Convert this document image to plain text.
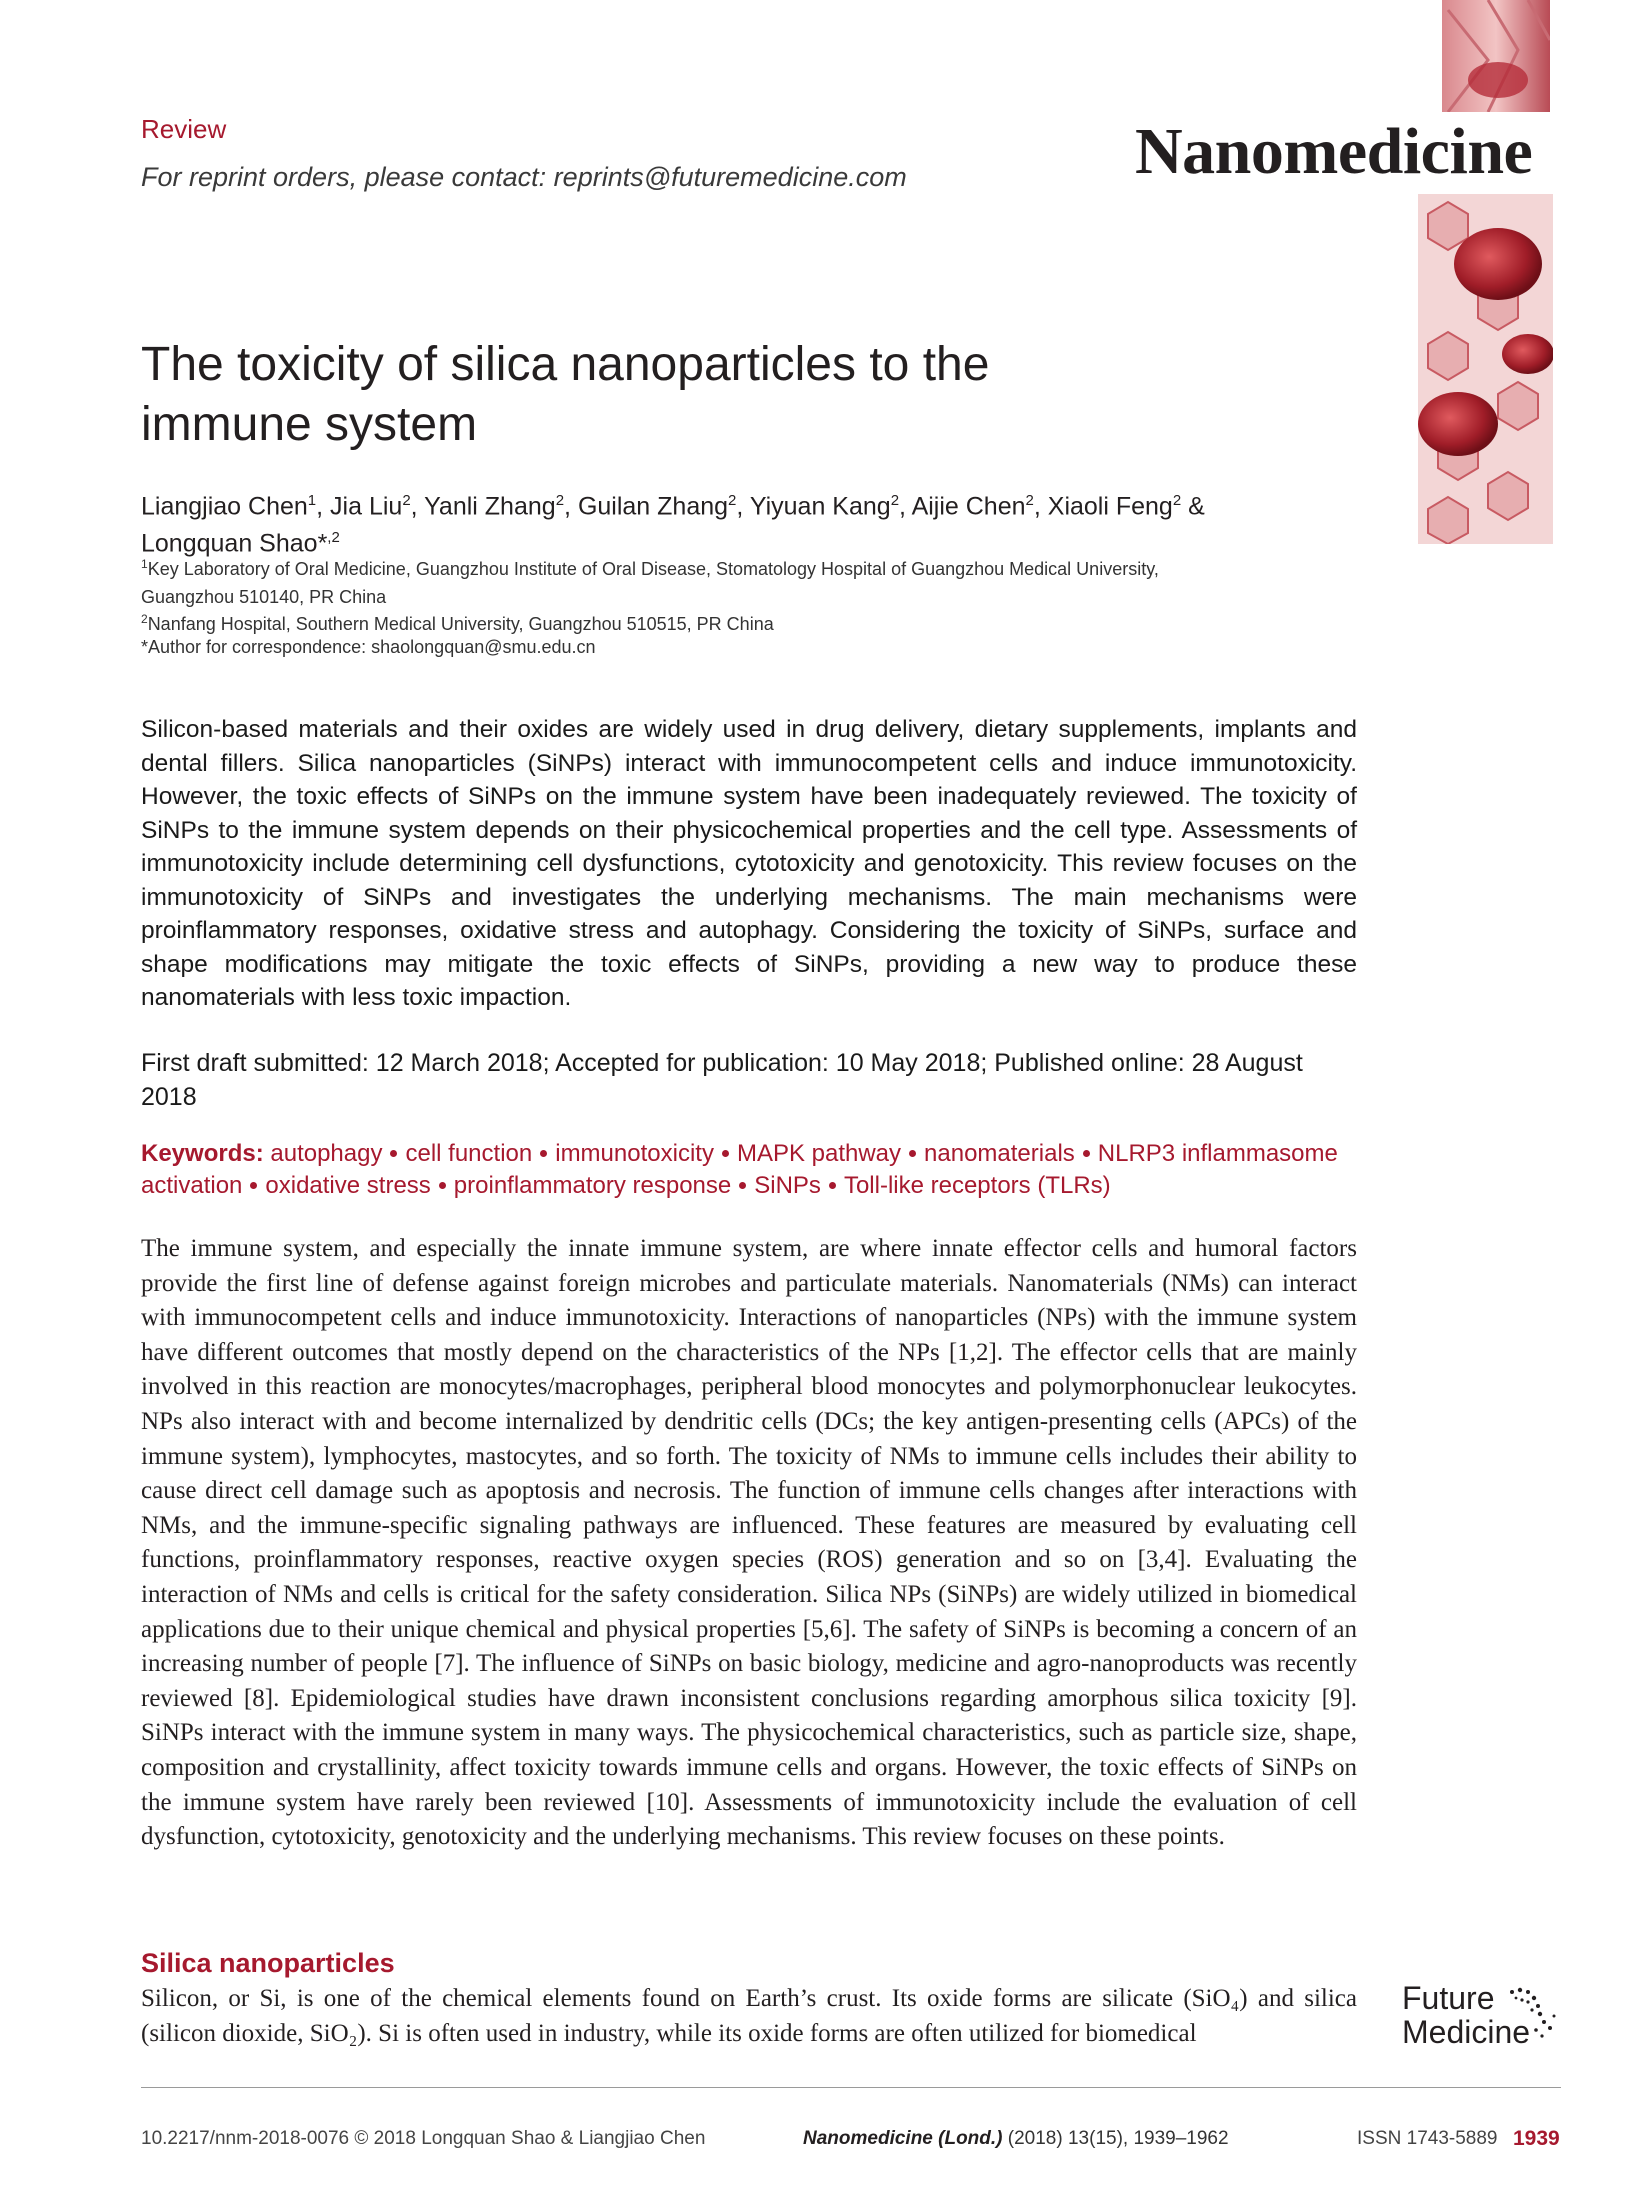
Review
For reprint orders, please contact: reprints@futuremedicine.com	Nanomedicine
The toxicity of silica nanoparticles to the immune system
Liangjiao Chen$^1$, Jia Liu$^2$, Yanli Zhang$^2$, Guilan Zhang$^2$, Yiyuan Kang$^2$, Aijie Chen$^2$, Xiaoli Feng$^2$ & Longquan Shao*$^{,2}$
$^1$Key Laboratory of Oral Medicine, Guangzhou Institute of Oral Disease, Stomatology Hospital of Guangzhou Medical University, Guangzhou 510140, PR China
$^2$Nanfang Hospital, Southern Medical University, Guangzhou 510515, PR China
*Author for correspondence: shaolongquan@smu.edu.cn
Silicon-based materials and their oxides are widely used in drug delivery, dietary supplements, implants and dental fillers. Silica nanoparticles (SiNPs) interact with immunocompetent cells and induce immunotoxicity. However, the toxic effects of SiNPs on the immune system have been inadequately reviewed. The toxicity of SiNPs to the immune system depends on their physicochemical properties and the cell type. Assessments of immunotoxicity include determining cell dysfunctions, cytotoxicity and genotoxicity. This review focuses on the immunotoxicity of SiNPs and investigates the underlying mechanisms. The main mechanisms were proinflammatory responses, oxidative stress and autophagy. Considering the toxicity of SiNPs, surface and shape modifications may mitigate the toxic effects of SiNPs, providing a new way to produce these nanomaterials with less toxic impaction.
First draft submitted: 12 March 2018; Accepted for publication: 10 May 2018; Published online: 28 August 2018
Keywords: autophagy cell function immunotoxicity MAPK pathway nanomaterials NLRP3 inflammasome activation oxidative stress proinflammatory response SiNPs Toll-like receptors (TLRs)
The immune system, and especially the innate immune system, are where innate effector cells and humoral factors provide the first line of defense against foreign microbes and particulate materials. Nanomaterials (NMs) can interact with immunocompetent cells and induce immunotoxicity. Interactions of nanoparticles (NPs) with the immune system have different outcomes that mostly depend on the characteristics of the NPs [1,2]. The effector cells that are mainly involved in this reaction are monocytes/macrophages, peripheral blood monocytes and polymorphonuclear leukocytes. NPs also interact with and become internalized by dendritic cells (DCs; the key antigen-presenting cells (APCs) of the immune system), lymphocytes, mastocytes, and so forth. The toxicity of NMs to immune cells includes their ability to cause direct cell damage such as apoptosis and necrosis. The function of immune cells changes after interactions with NMs, and the immune-specific signaling pathways are influenced. These features are measured by evaluating cell functions, proinflammatory responses, reactive oxygen species (ROS) generation and so on [3,4]. Evaluating the interaction of NMs and cells is critical for the safety consideration. Silica NPs (SiNPs) are widely utilized in biomedical applications due to their unique chemical and physical properties [5,6]. The safety of SiNPs is becoming a concern of an increasing number of people [7]. The influence of SiNPs on basic biology, medicine and agro-nanoproducts was recently reviewed [8]. Epidemiological studies have drawn inconsistent conclusions regarding amorphous silica toxicity [9]. SiNPs interact with the immune system in many ways. The physicochemical characteristics, such as particle size, shape, composition and crystallinity, affect toxicity towards immune cells and organs. However, the toxic effects of SiNPs on the immune system have rarely been reviewed [10]. Assessments of immunotoxicity include the evaluation of cell dysfunction, cytotoxicity, genotoxicity and the underlying mechanisms. This review focuses on these points.
Silica nanoparticles
Silicon, or Si, is one of the chemical elements found on Earth’s crust. Its oxide forms are silicate (SiO₄) and silica (silicon dioxide, SiO₂). Si is often used in industry, while its oxide forms are often utilized for biomedical
Future
Medicine
10.2217/nnm-2018-0076 © 2018 Longquan Shao & Liangjiao Chen	Nanomedicine (Lond.) (2018) 13(15), 1939–1962	ISSN 1743-5889 1939
